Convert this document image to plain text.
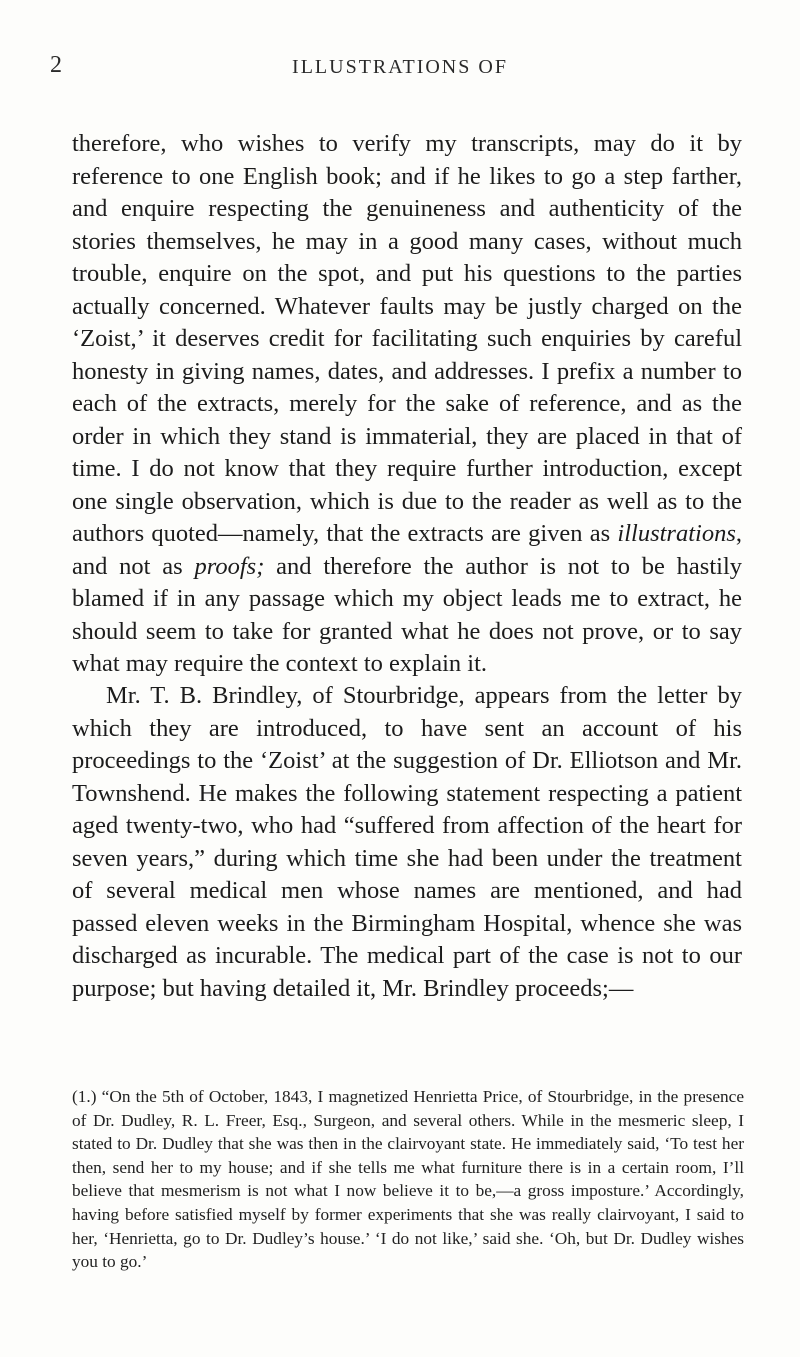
2	ILLUSTRATIONS OF

therefore, who wishes to verify my transcripts, may do it by reference to one English book; and if he likes to go a step farther, and enquire respecting the genuineness and authenticity of the stories themselves, he may in a good many cases, without much trouble, enquire on the spot, and put his questions to the parties actually concerned. Whatever faults may be justly charged on the ‘Zoist,’ it deserves credit for facilitating such enquiries by careful honesty in giving names, dates, and addresses. I prefix a number to each of the extracts, merely for the sake of reference, and as the order in which they stand is immaterial, they are placed in that of time. I do not know that they require further introduction, except one single observation, which is due to the reader as well as to the authors quoted—namely, that the extracts are given as illustrations, and not as proofs; and therefore the author is not to be hastily blamed if in any passage which my object leads me to extract, he should seem to take for granted what he does not prove, or to say what may require the context to explain it.

Mr. T. B. Brindley, of Stourbridge, appears from the letter by which they are introduced, to have sent an account of his proceedings to the ‘Zoist’ at the suggestion of Dr. Elliotson and Mr. Townshend. He makes the following statement respecting a patient aged twenty-two, who had “suffered from affection of the heart for seven years,” during which time she had been under the treatment of several medical men whose names are mentioned, and had passed eleven weeks in the Birmingham Hospital, whence she was discharged as incurable. The medical part of the case is not to our purpose; but having detailed it, Mr. Brindley proceeds;—

(1.) “On the 5th of October, 1843, I magnetized Henrietta Price, of Stourbridge, in the presence of Dr. Dudley, R. L. Freer, Esq., Surgeon, and several others. While in the mesmeric sleep, I stated to Dr. Dudley that she was then in the clairvoyant state. He immediately said, ‘To test her then, send her to my house; and if she tells me what furniture there is in a certain room, I’ll believe that mesmerism is not what I now believe it to be,—a gross imposture.’ Accordingly, having before satisfied myself by former experiments that she was really clairvoyant, I said to her, ‘Henrietta, go to Dr. Dudley’s house.’ ‘I do not like,’ said she. ‘Oh, but Dr. Dudley wishes you to go.’
